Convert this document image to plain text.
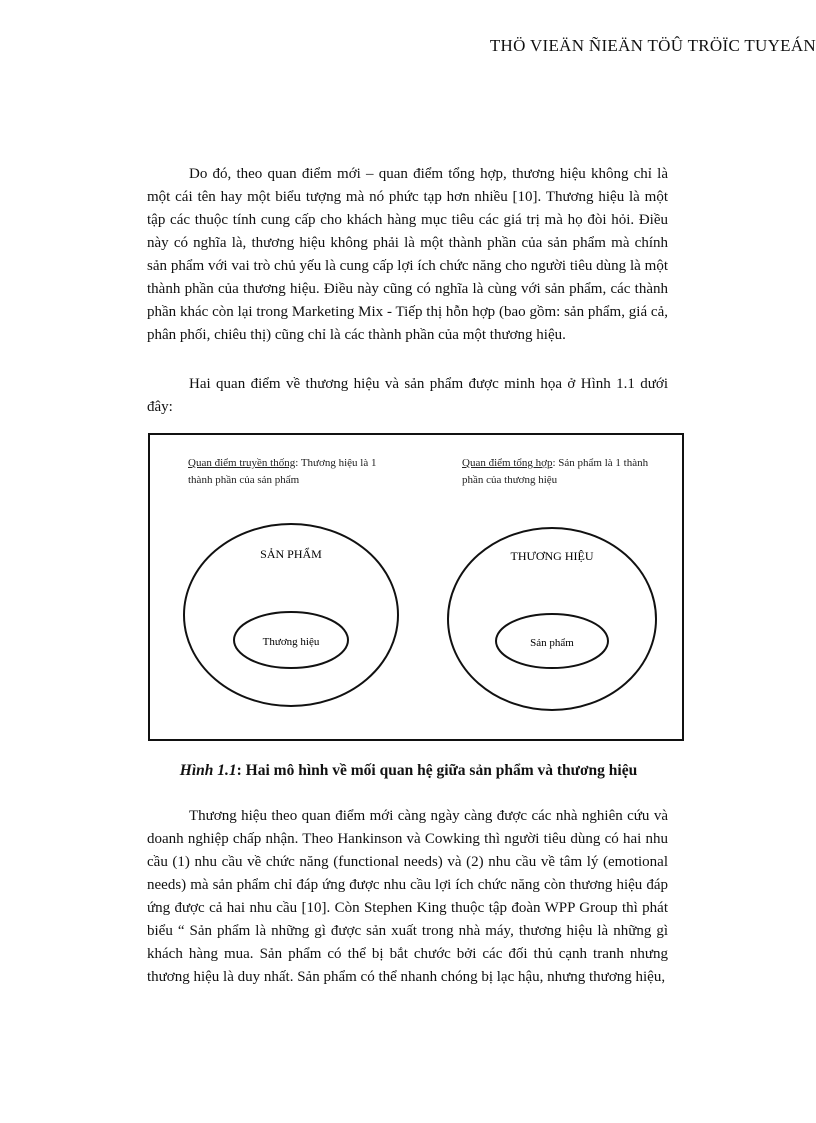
THÖ VIEÄN ÑIEÄN TÖÛ TRÖÏC TUYEÁN

Do đó, theo quan điểm mới – quan điểm tổng hợp, thương hiệu không chỉ là một cái tên hay một biểu tượng mà nó phức tạp hơn nhiều [10]. Thương hiệu là một tập các thuộc tính cung cấp cho khách hàng mục tiêu các giá trị mà họ đòi hỏi. Điều này có nghĩa là, thương hiệu không phải là một thành phần của sản phẩm mà chính sản phẩm với vai trò chủ yếu là cung cấp lợi ích chức năng cho người tiêu dùng là một thành phần của thương hiệu. Điều này cũng có nghĩa là cùng với sản phẩm, các thành phần khác còn lại trong Marketing Mix - Tiếp thị hỗn hợp (bao gồm: sản phẩm, giá cả, phân phối, chiêu thị) cũng chỉ là các thành phần của một thương hiệu.

Hai quan điểm về thương hiệu và sản phẩm được minh họa ở Hình 1.1 dưới đây:

Quan điểm truyền thống: Thương hiệu là 1 thành phần của sản phẩm
Quan điểm tổng hợp: Sản phẩm là 1 thành phần của thương hiệu
SẢN PHẨM
Thương hiệu
THƯƠNG HIỆU
Sản phẩm
Hình 1.1: Hai mô hình về mối quan hệ giữa sản phẩm và thương hiệu

Thương hiệu theo quan điểm mới càng ngày càng được các nhà nghiên cứu và doanh nghiệp chấp nhận. Theo Hankinson và Cowking thì người tiêu dùng có hai nhu cầu (1) nhu cầu về chức năng (functional needs) và (2) nhu cầu về tâm lý (emotional needs) mà sản phẩm chỉ đáp ứng được nhu cầu lợi ích chức năng còn thương hiệu đáp ứng được cả hai nhu cầu [10]. Còn Stephen King thuộc tập đoàn WPP Group thì phát biểu “ Sản phẩm là những gì được sản xuất trong nhà máy, thương hiệu là những gì khách hàng mua. Sản phẩm có thể bị bắt chước bởi các đối thủ cạnh tranh nhưng thương hiệu là duy nhất. Sản phẩm có thể nhanh chóng bị lạc hậu, nhưng thương hiệu,
